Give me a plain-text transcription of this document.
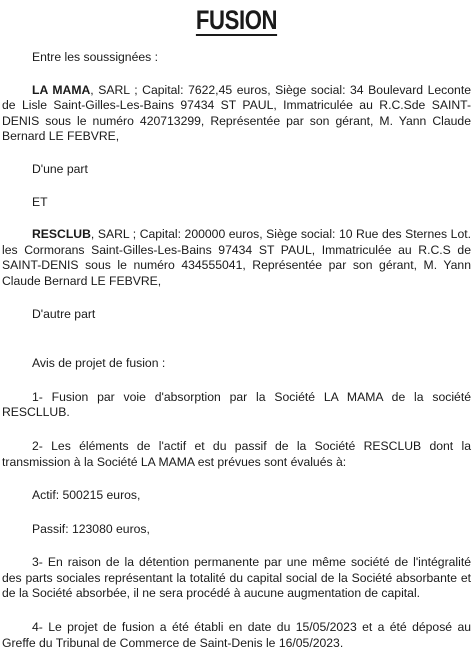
FUSION

Entre les soussignées :

LA MAMA, SARL ; Capital: 7622,45 euros, Siège social: 34 Boulevard Leconte de Lisle Saint-Gilles-Les-Bains 97434 ST PAUL, Immatriculée au R.C.Sde SAINT-DENIS sous le numéro 420713299, Représentée par son gérant, M. Yann Claude Bernard LE FEBVRE,

D'une part

ET

RESCLUB, SARL ; Capital: 200000 euros, Siège social: 10 Rue des Sternes Lot. les Cormorans Saint-Gilles-Les-Bains 97434 ST PAUL, Immatriculée au R.C.S de SAINT-DENIS sous le numéro 434555041, Représentée par son gérant, M. Yann Claude Bernard LE FEBVRE,

D'autre part

Avis de projet de fusion :

1- Fusion par voie d'absorption par la Société LA MAMA de la société RESCLLUB.

2- Les éléments de l'actif et du passif de la Société RESCLUB dont la transmission à la Société LA MAMA est prévues sont évalués à:

Actif: 500215 euros,

Passif: 123080 euros,

3- En raison de la détention permanente par une même société de l'intégralité des parts sociales représentant la totalité du capital social de la Société absorbante et de la Société absorbée, il ne sera procédé à aucune augmentation de capital.

4- Le projet de fusion a été établi en date du 15/05/2023 et a été déposé au Greffe du Tribunal de Commerce de Saint-Denis le 16/05/2023.
